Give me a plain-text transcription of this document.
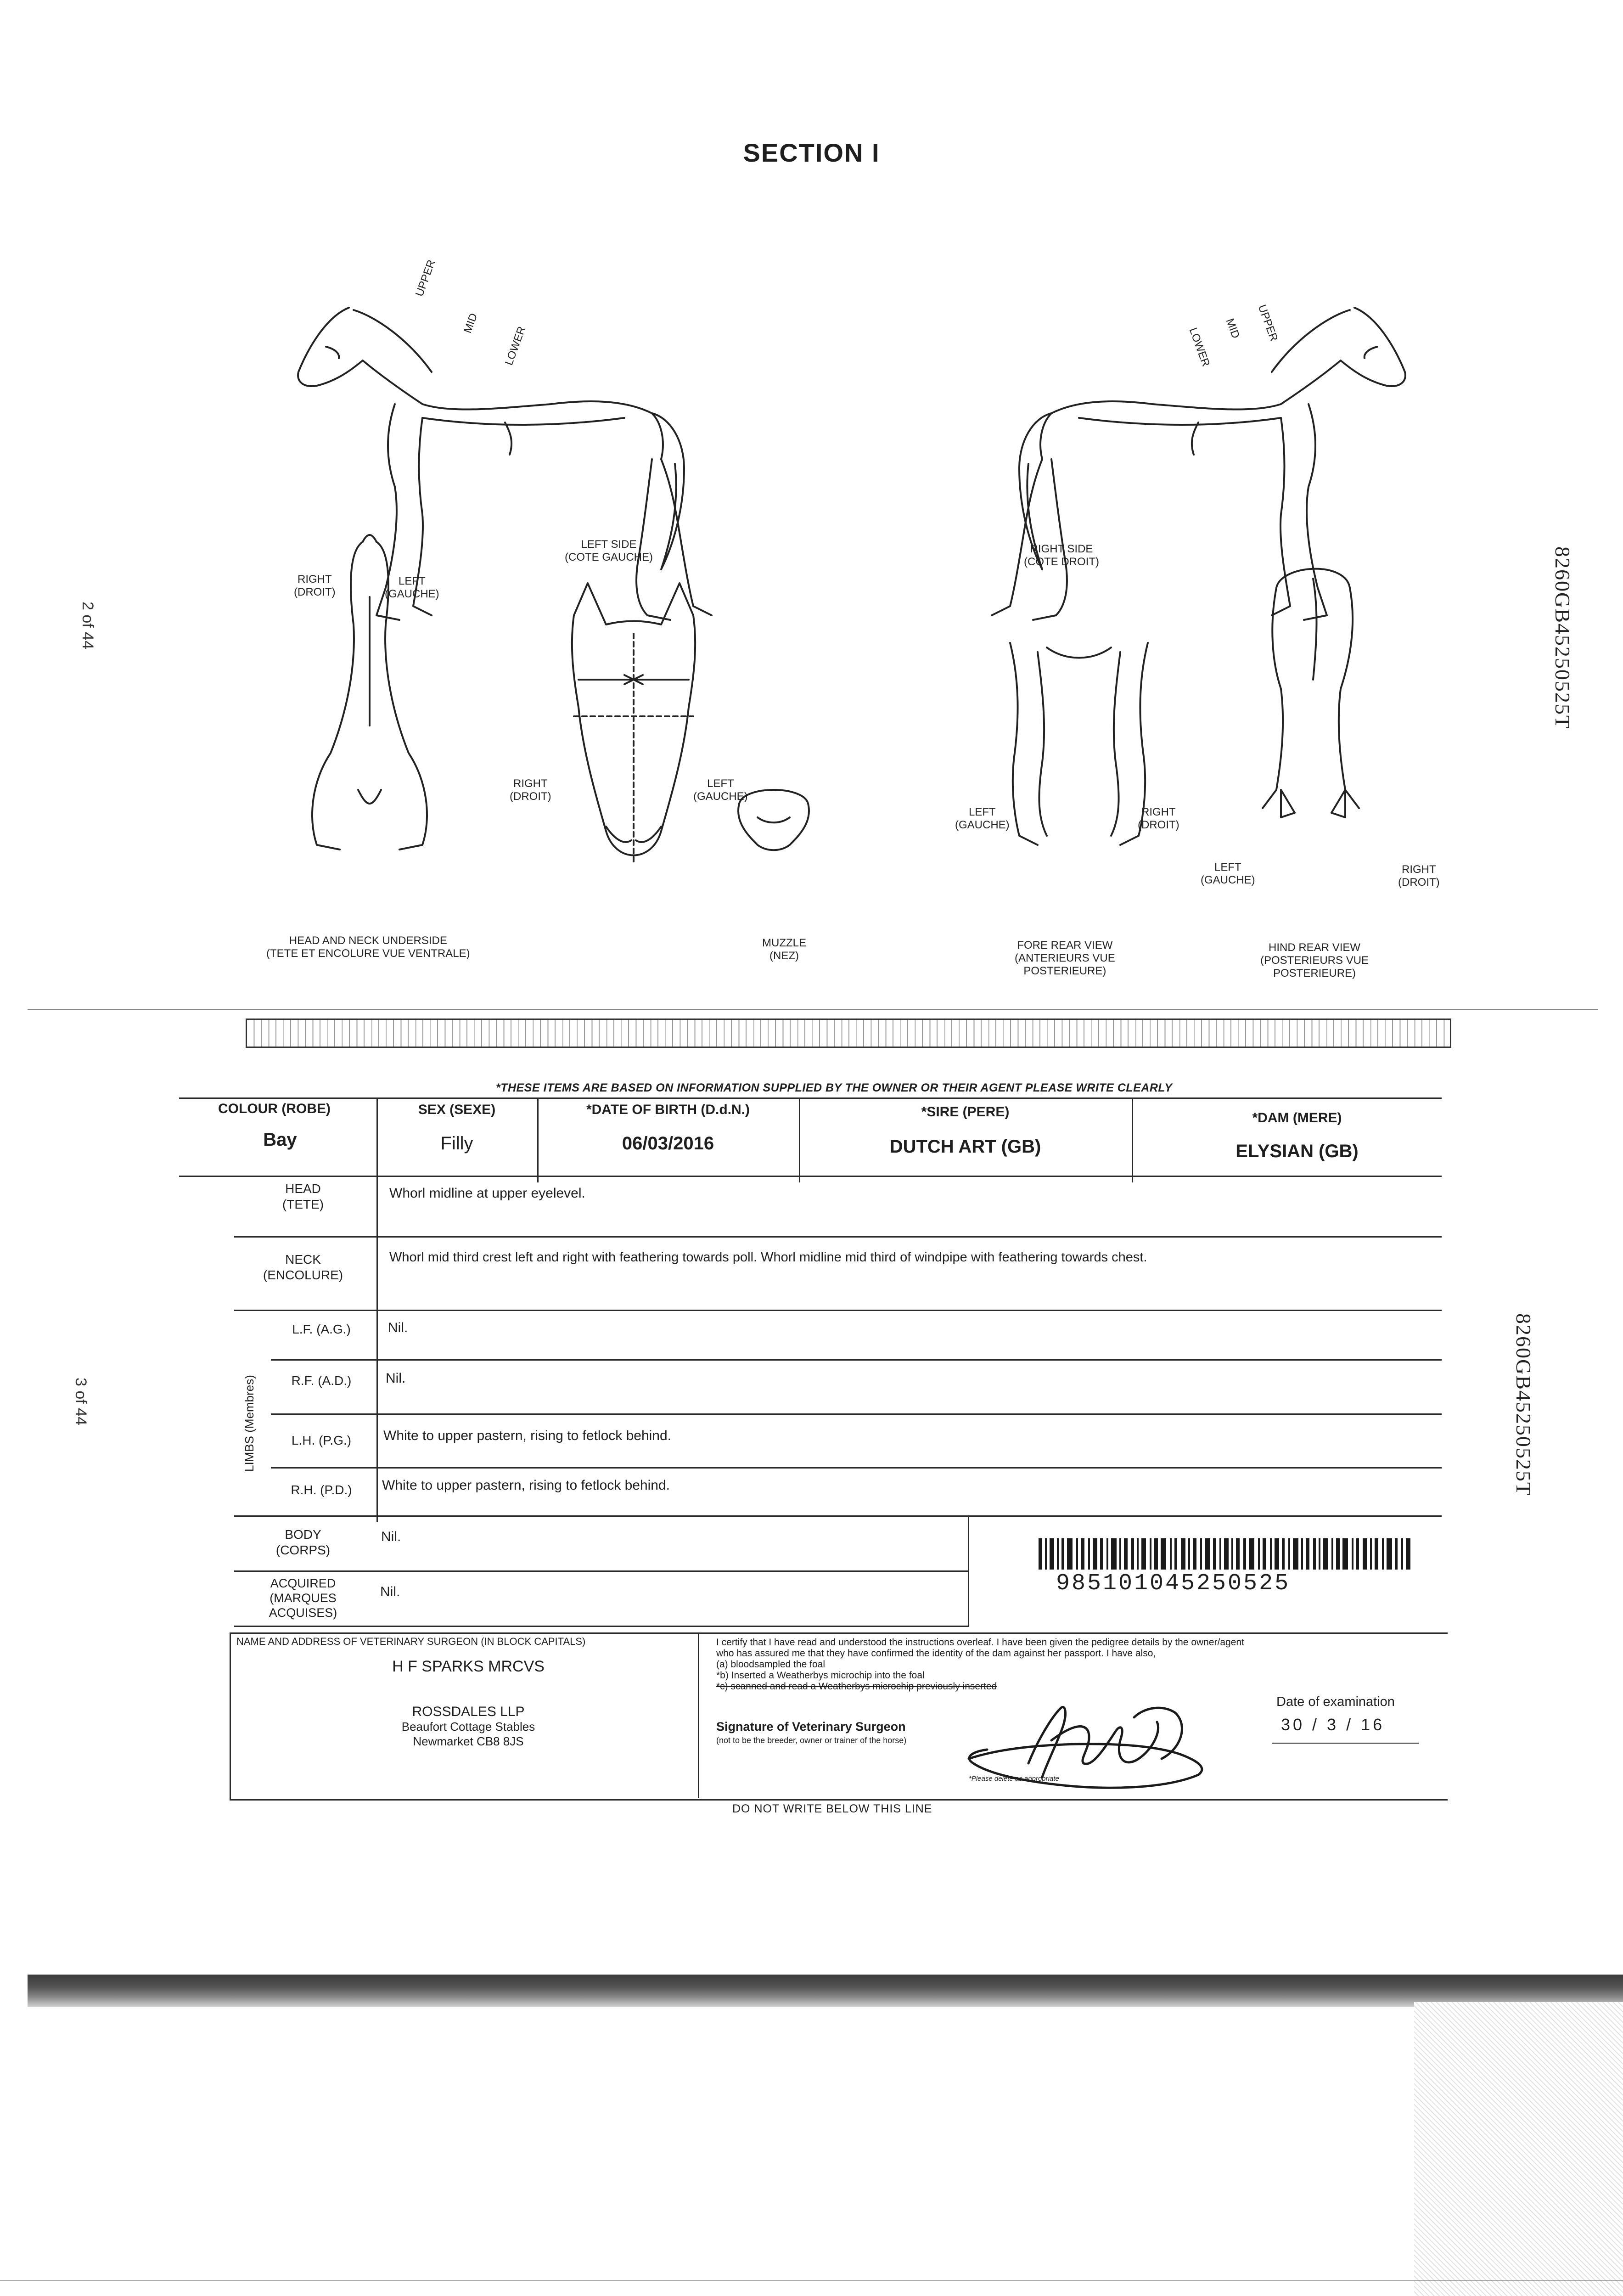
SECTION I
2 of 44
3 of 44
8260GB45250525T
8260GB45250525T
UPPER
MID
LOWER
UPPER
MID
LOWER
LEFT SIDE
(COTE GAUCHE)
RIGHT SIDE
(COTE DROIT)
RIGHT
(DROIT)
LEFT
(GAUCHE)
HEAD AND NECK UNDERSIDE
(TETE ET ENCOLURE VUE VENTRALE)
RIGHT
(DROIT)
LEFT
(GAUCHE)
MUZZLE
(NEZ)
LEFT
(GAUCHE)
RIGHT
(DROIT)
FORE REAR VIEW
(ANTERIEURS VUE
POSTERIEURE)
LEFT
(GAUCHE)
RIGHT
(DROIT)
HIND REAR VIEW
(POSTERIEURS VUE
POSTERIEURE)
*THESE ITEMS ARE BASED ON INFORMATION SUPPLIED BY THE OWNER OR THEIR AGENT PLEASE WRITE CLEARLY
COLOUR (ROBE)	SEX (SEXE)	*DATE OF BIRTH (D.d.N.)	*SIRE (PERE)	*DAM (MERE)
Bay	Filly	06/03/2016	DUTCH ART (GB)	ELYSIAN (GB)
HEAD
(TETE)
Whorl midline at upper eyelevel.
NECK
(ENCOLURE)
Whorl mid third crest left and right with feathering towards poll. Whorl midline mid third of windpipe with feathering towards chest.
LIMBS (Membres)
L.F. (A.G.)	Nil.
R.F. (A.D.)	Nil.
L.H. (P.G.)	White to upper pastern, rising to fetlock behind.
R.H. (P.D.)	White to upper pastern, rising to fetlock behind.
BODY
(CORPS)
Nil.
ACQUIRED
(MARQUES
ACQUISES)
Nil.	985101045250525
NAME AND ADDRESS OF VETERINARY SURGEON (IN BLOCK CAPITALS)
H F SPARKS MRCVS
ROSSDALES LLP
Beaufort Cottage Stables
Newmarket CB8 8JS
I certify that I have read and understood the instructions overleaf. I have been given the pedigree details by the owner/agent
who has assured me that they have confirmed the identity of the dam against her passport. I have also,
(a) bloodsampled the foal
*b) Inserted a Weatherbys microchip into the foal
*c) scanned and read a Weatherbys microchip previously inserted
Signature of Veterinary Surgeon
(not to be the breeder, owner or trainer of the horse)
*Please delete as appropriate
Date of examination
30 / 3 / 16
DO NOT WRITE BELOW THIS LINE
